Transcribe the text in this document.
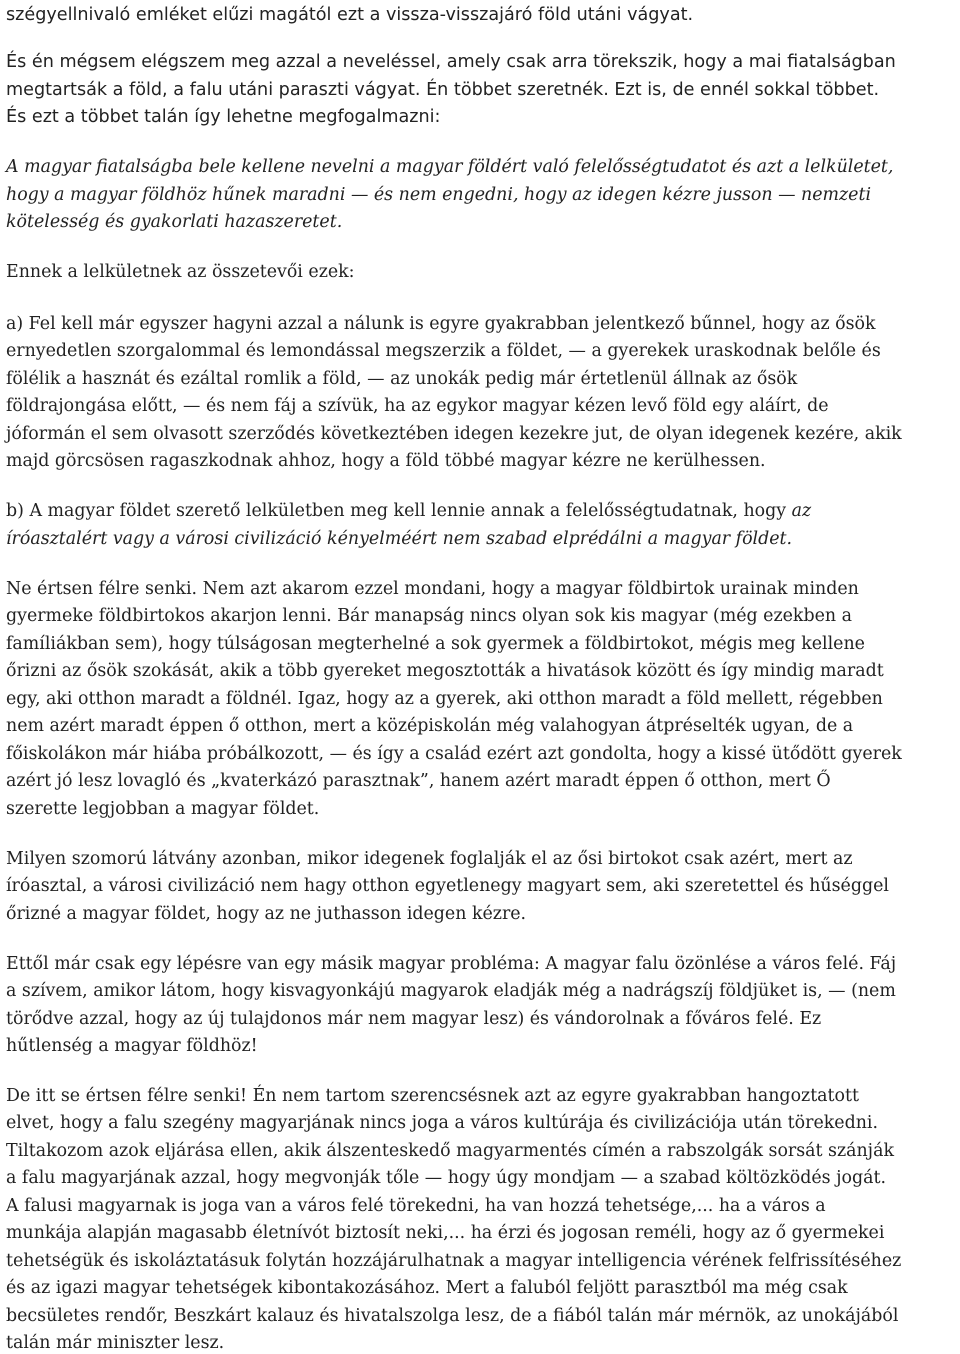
szégyellnivaló emléket elűzi magától ezt a vissza-visszajáró föld utáni vágyat.
És én mégsem elégszem meg azzal a neveléssel, amely csak arra törekszik, hogy a mai fiatalságban
megtartsák a föld, a falu utáni paraszti vágyat. Én többet szeretnék. Ezt is, de ennél sokkal többet.
És ezt a többet talán így lehetne megfogalmazni:
A magyar fiatalságba bele kellene nevelni a magyar földért való felelősségtudatot és azt a lelkületet,
hogy a magyar földhöz hűnek maradni — és nem engedni, hogy az idegen kézre jusson — nemzeti
kötelesség és gyakorlati hazaszeretet.
Ennek a lelkületnek az összetevői ezek:
a) Fel kell már egyszer hagyni azzal a nálunk is egyre gyakrabban jelentkező bűnnel, hogy az ősök
ernyedetlen szorgalommal és lemondással megszerzik a földet, — a gyerekek uraskodnak belőle és
fölélik a hasznát és ezáltal romlik a föld, — az unokák pedig már értetlenül állnak az ősök
földrajongása előtt, — és nem fáj a szívük, ha az egykor magyar kézen levő föld egy aláírt, de
jóformán el sem olvasott szerződés következtében idegen kezekre jut, de olyan idegenek kezére, akik
majd görcsösen ragaszkodnak ahhoz, hogy a föld többé magyar kézre ne kerülhessen.
b) A magyar földet szerető lelkületben meg kell lennie annak a felelősségtudatnak, hogy az
íróasztalért vagy a városi civilizáció kényelméért nem szabad elprédálni a magyar földet.
Ne értsen félre senki. Nem azt akarom ezzel mondani, hogy a magyar földbirtok urainak minden
gyermeke földbirtokos akarjon lenni. Bár manapság nincs olyan sok kis magyar (még ezekben a
famíliákban sem), hogy túlságosan megterhelné a sok gyermek a földbirtokot, mégis meg kellene
őrizni az ősök szokását, akik a több gyereket megosztották a hivatások között és így mindig maradt
egy, aki otthon maradt a földnél. Igaz, hogy az a gyerek, aki otthon maradt a föld mellett, régebben
nem azért maradt éppen ő otthon, mert a középiskolán még valahogyan átpréselték ugyan, de a
főiskolákon már hiába próbálkozott, — és így a család ezért azt gondolta, hogy a kissé ütődött gyerek
azért jó lesz lovagló és „kvaterkázó parasztnak”, hanem azért maradt éppen ő otthon, mert Ő
szerette legjobban a magyar földet.
Milyen szomorú látvány azonban, mikor idegenek foglalják el az ősi birtokot csak azért, mert az
íróasztal, a városi civilizáció nem hagy otthon egyetlenegy magyart sem, aki szeretettel és hűséggel
őrizné a magyar földet, hogy az ne juthasson idegen kézre.
Ettől már csak egy lépésre van egy másik magyar probléma: A magyar falu özönlése a város felé. Fáj
a szívem, amikor látom, hogy kisvagyonkájú magyarok eladják még a nadrágszíj földjüket is, — (nem
törődve azzal, hogy az új tulajdonos már nem magyar lesz) és vándorolnak a főváros felé. Ez
hűtlenség a magyar földhöz!
De itt se értsen félre senki! Én nem tartom szerencsésnek azt az egyre gyakrabban hangoztatott
elvet, hogy a falu szegény magyarjának nincs joga a város kultúrája és civilizációja után törekedni.
Tiltakozom azok eljárása ellen, akik álszenteskedő magyarmentés címén a rabszolgák sorsát szánják
a falu magyarjának azzal, hogy megvonják tőle — hogy úgy mondjam — a szabad költözködés jogát.
A falusi magyarnak is joga van a város felé törekedni, ha van hozzá tehetsége,... ha a város a
munkája alapján magasabb életnívót biztosít neki,... ha érzi és jogosan reméli, hogy az ő gyermekei
tehetségük és iskoláztatásuk folytán hozzájárulhatnak a magyar intelligencia vérének felfrissítéséhez
és az igazi magyar tehetségek kibontakozásához. Mert a faluból feljött parasztból ma még csak
becsületes rendőr, Beszkárt kalauz és hivatalszolga lesz, de a fiából talán már mérnök, az unokájából
talán már miniszter lesz.
